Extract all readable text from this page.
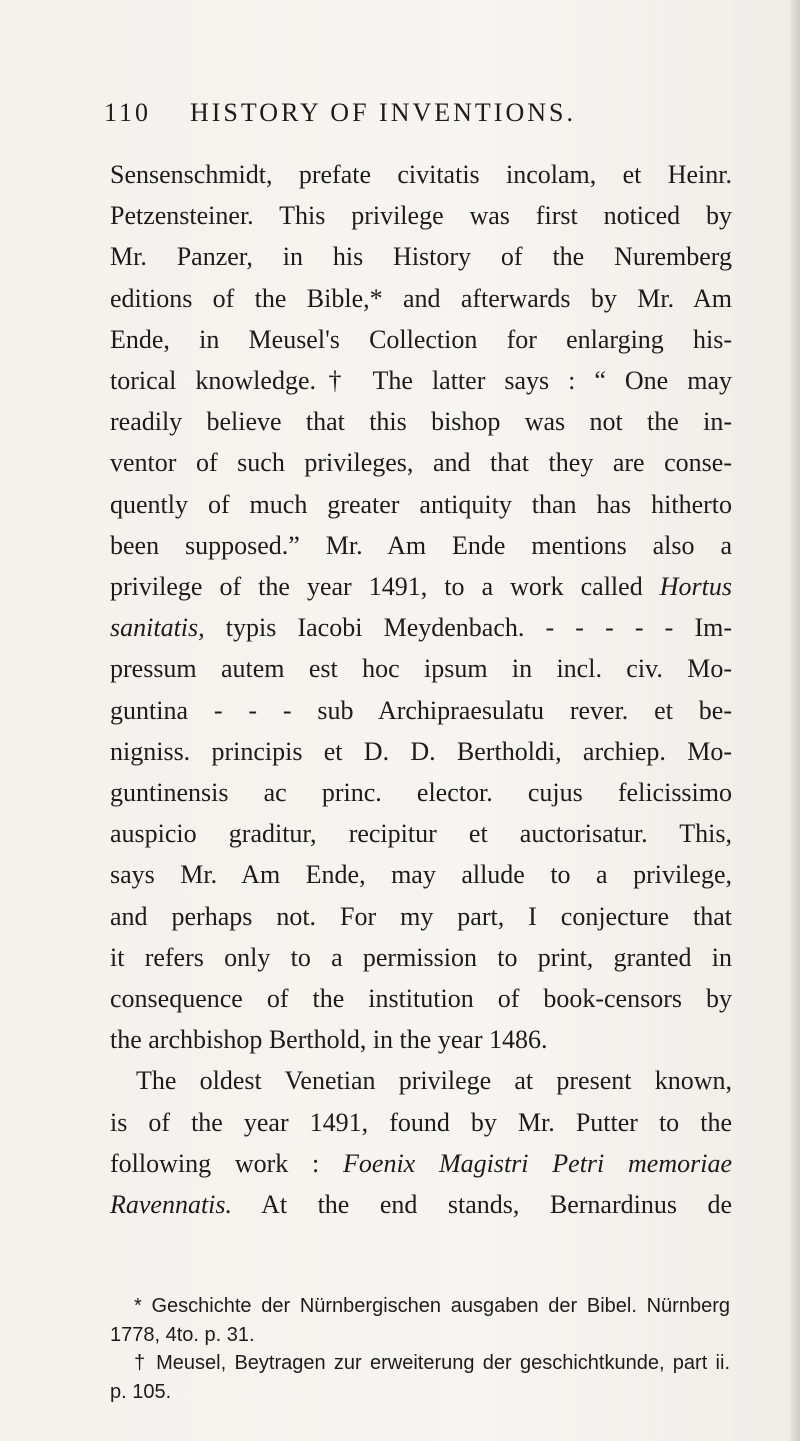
110 HISTORY OF INVENTIONS.
Sensenschmidt, prefate civitatis incolam, et Heinr.
Petzensteiner. This privilege was first noticed by
Mr. Panzer, in his History of the Nuremberg
editions of the Bible,* and afterwards by Mr. Am
Ende, in Meusel's Collection for enlarging his-
torical knowledge.† The latter says : “ One may
readily believe that this bishop was not the in-
ventor of such privileges, and that they are conse-
quently of much greater antiquity than has hitherto
been supposed.” Mr. Am Ende mentions also a
privilege of the year 1491, to a work called Hortus
sanitatis, typis Iacobi Meydenbach. - - - - - Im-
pressum autem est hoc ipsum in incl. civ. Mo-
guntina - - - sub Archipraesulatu rever. et be-
nigniss. principis et D. D. Bertholdi, archiep. Mo-
guntinensis ac princ. elector. cujus felicissimo
auspicio graditur, recipitur et auctorisatur. This,
says Mr. Am Ende, may allude to a privilege,
and perhaps not. For my part, I conjecture that
it refers only to a permission to print, granted in
consequence of the institution of book-censors by
the archbishop Berthold, in the year 1486.
The oldest Venetian privilege at present known,
is of the year 1491, found by Mr. Putter to the
following work : Foenix Magistri Petri memoriae
Ravennatis. At the end stands, Bernardinus de
* Geschichte der Nürnbergischen ausgaben der Bibel. Nürnberg
1778, 4to. p. 31.
† Meusel, Beytragen zur erweiterung der geschichtkunde, part ii.
p. 105.
